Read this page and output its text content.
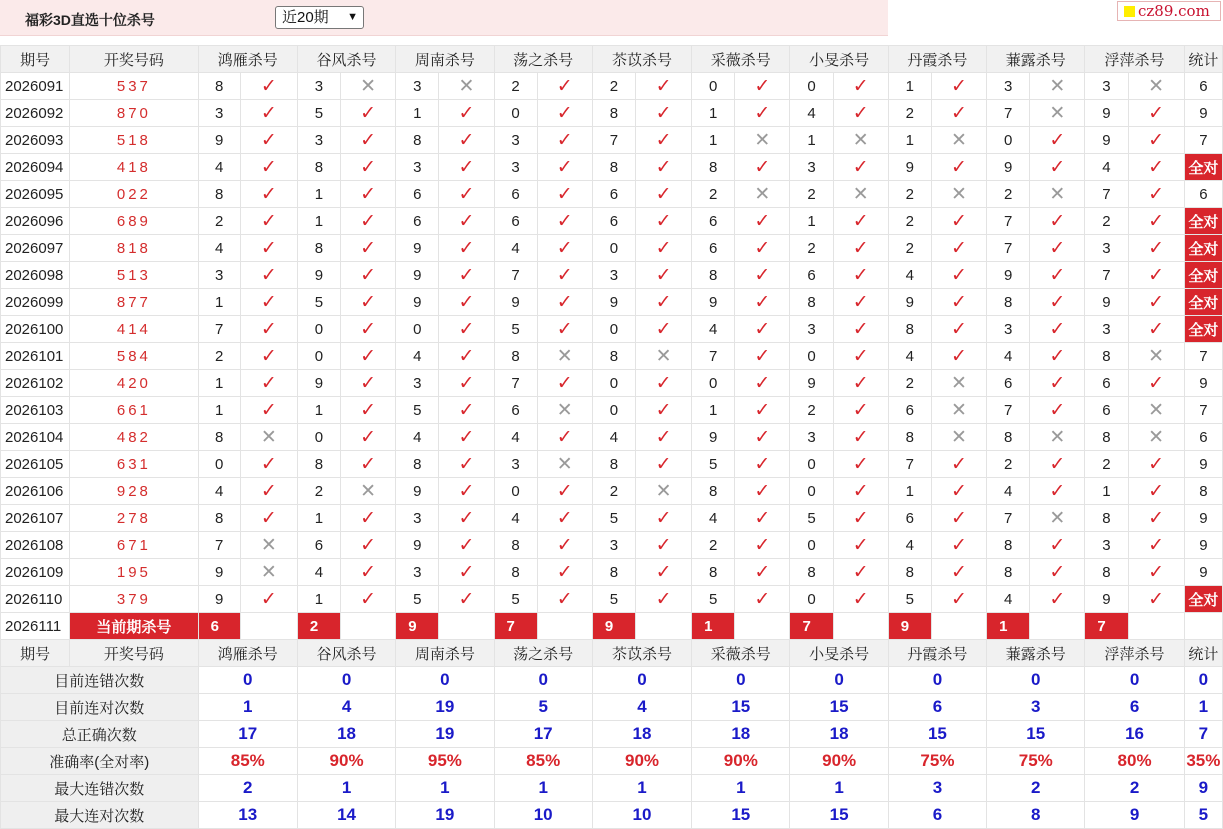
福彩3D直选十位杀号	近20期 ▼	cz89.com
期号	开奖号码	鸿雁杀号		谷风杀号		周南杀号		荡之杀号		苶苡杀号		采薇杀号		小旻杀号		丹霞杀号		蒹露杀号		浮萍杀号		统计
2026091	537	8	✓	3	✕	3	✕	2	✓	2	✓	0	✓	0	✓	1	✓	3	✕	3	✕	6
2026092	870	3	✓	5	✓	1	✓	0	✓	8	✓	1	✓	4	✓	2	✓	7	✕	9	✓	9
2026093	518	9	✓	3	✓	8	✓	3	✓	7	✓	1	✕	1	✕	1	✕	0	✓	9	✓	7
2026094	418	4	✓	8	✓	3	✓	3	✓	8	✓	8	✓	3	✓	9	✓	9	✓	4	✓	全对
2026095	022	8	✓	1	✓	6	✓	6	✓	6	✓	2	✕	2	✕	2	✕	2	✕	7	✓	6
2026096	689	2	✓	1	✓	6	✓	6	✓	6	✓	6	✓	1	✓	2	✓	7	✓	2	✓	全对
2026097	818	4	✓	8	✓	9	✓	4	✓	0	✓	6	✓	2	✓	2	✓	7	✓	3	✓	全对
2026098	513	3	✓	9	✓	9	✓	7	✓	3	✓	8	✓	6	✓	4	✓	9	✓	7	✓	全对
2026099	877	1	✓	5	✓	9	✓	9	✓	9	✓	9	✓	8	✓	9	✓	8	✓	9	✓	全对
2026100	414	7	✓	0	✓	0	✓	5	✓	0	✓	4	✓	3	✓	8	✓	3	✓	3	✓	全对
2026101	584	2	✓	0	✓	4	✓	8	✕	8	✕	7	✓	0	✓	4	✓	4	✓	8	✕	7
2026102	420	1	✓	9	✓	3	✓	7	✓	0	✓	0	✓	9	✓	2	✕	6	✓	6	✓	9
2026103	661	1	✓	1	✓	5	✓	6	✕	0	✓	1	✓	2	✓	6	✕	7	✓	6	✕	7
2026104	482	8	✕	0	✓	4	✓	4	✓	4	✓	9	✓	3	✓	8	✕	8	✕	8	✕	6
2026105	631	0	✓	8	✓	8	✓	3	✕	8	✓	5	✓	0	✓	7	✓	2	✓	2	✓	9
2026106	928	4	✓	2	✕	9	✓	0	✓	2	✕	8	✓	0	✓	1	✓	4	✓	1	✓	8
2026107	278	8	✓	1	✓	3	✓	4	✓	5	✓	4	✓	5	✓	6	✓	7	✕	8	✓	9
2026108	671	7	✕	6	✓	9	✓	8	✓	3	✓	2	✓	0	✓	4	✓	8	✓	3	✓	9
2026109	195	9	✕	4	✓	3	✓	8	✓	8	✓	8	✓	8	✓	8	✓	8	✓	8	✓	9
2026110	379	9	✓	1	✓	5	✓	5	✓	5	✓	5	✓	0	✓	5	✓	4	✓	9	✓	全对
2026111	当前期杀号	6		2		9		7		9		1		7		9		1		7		
期号	开奖号码	鸿雁杀号		谷风杀号		周南杀号		荡之杀号		苶苡杀号		采薇杀号		小旻杀号		丹霞杀号		蒹露杀号		浮萍杀号		统计
目前连错次数		0		0		0		0		0		0		0		0		0		0		0
目前连对次数		1		4		19		5		4		15		15		6		3		6		1
总正确次数		17		18		19		17		18		18		18		15		15		16		7
准确率(全对率)		85%		90%		95%		85%		90%		90%		90%		75%		75%		80%		35%
最大连错次数		2		1		1		1		1		1		1		3		2		2		9
最大连对次数		13		14		19		10		10		15		15		6		8		9		5
